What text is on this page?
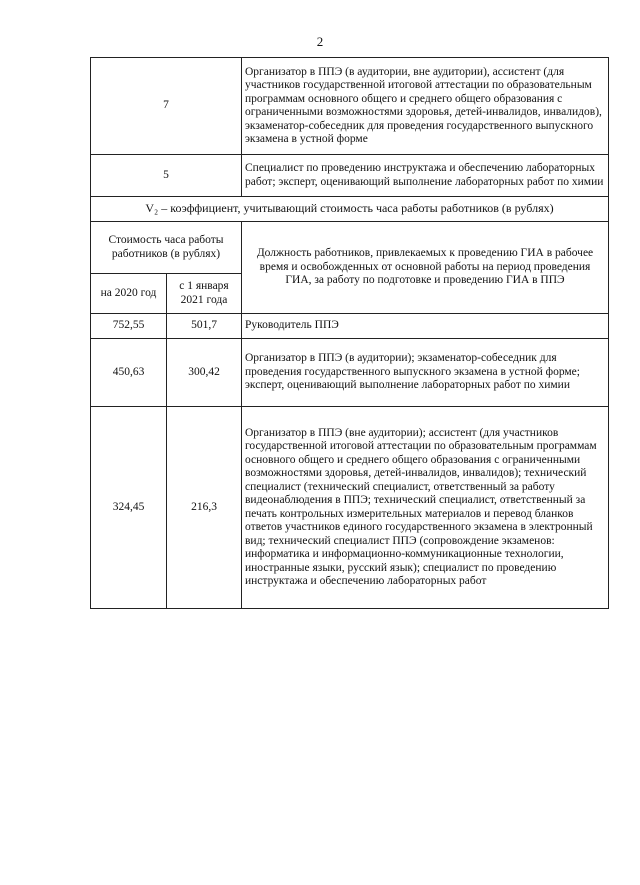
2
7		Организатор в ППЭ (в аудитории, вне аудитории), ассистент (для участников государственной итоговой аттестации по образовательным программам основного общего и среднего общего образования с ограниченными возможностями здоровья, детей-инвалидов, инвалидов), экзаменатор-собеседник для проведения государственного выпускного экзамена в устной форме
5		Специалист по проведению инструктажа и обеспечению лабораторных работ; эксперт, оценивающий выполнение лабораторных работ по химии
V₂ – коэффициент, учитывающий стоимость часа работы работников (в рублях)		
Стоимость часа работы работников (в рублях)		Должность работников, привлекаемых к проведению ГИА в рабочее время и освобожденных от основной работы на период проведения ГИА, за работу по подготовке и проведению ГИА в ППЭ
на 2020 год	с 1 января 2021 года	
752,55	501,7	Руководитель ППЭ
450,63	300,42	Организатор в ППЭ (в аудитории); экзаменатор-собеседник для проведения государственного выпускного экзамена в устной форме; эксперт, оценивающий выполнение лабораторных работ по химии
324,45	216,3	Организатор в ППЭ (вне аудитории); ассистент (для участников государственной итоговой аттестации по образовательным программам основного общего и среднего общего образования с ограниченными возможностями здоровья, детей-инвалидов, инвалидов); технический специалист (технический специалист, ответственный за работу видеонаблюдения в ППЭ; технический специалист, ответственный за печать контрольных измерительных материалов и перевод бланков ответов участников единого государственного экзамена в электронный вид; технический специалист ППЭ (сопровождение экзаменов: информатика и информационно-коммуникационные технологии, иностранные языки, русский язык); специалист по проведению инструктажа и обеспечению лабораторных работ
